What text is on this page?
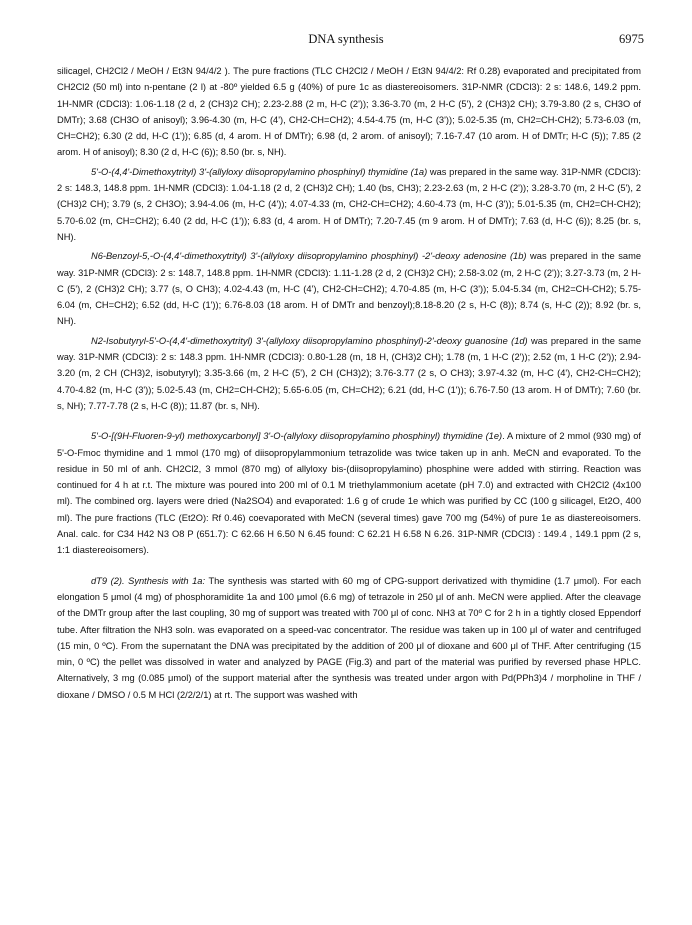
DNA synthesis	6975

silicagel, CH2Cl2 / MeOH / Et3N 94/4/2 ). The pure fractions (TLC CH2Cl2 / MeOH / Et3N 94/4/2: Rf 0.28) evaporated and precipitated from CH2Cl2 (50 ml) into n-pentane (2 l) at -80º yielded 6.5 g (40%) of pure 1c as diastereoisomers. 31P-NMR (CDCl3): 2 s: 148.6, 149.2 ppm. 1H-NMR (CDCl3): 1.06-1.18 (2 d, 2 (CH3)2 CH); 2.23-2.88 (2 m, H-C (2')); 3.36-3.70 (m, 2 H-C (5'), 2 (CH3)2 CH); 3.79-3.80 (2 s, CH3O of DMTr); 3.68 (CH3O of anisoyl); 3.96-4.30 (m, H-C (4'), CH2-CH=CH2); 4.54-4.75 (m, H-C (3')); 5.02-5.35 (m, CH2=CH-CH2); 5.73-6.03 (m, CH=CH2); 6.30 (2 dd, H-C (1')); 6.85 (d, 4 arom. H of DMTr); 6.98 (d, 2 arom. of anisoyl); 7.16-7.47 (10 arom. H of DMTr; H-C (5)); 7.85 (2 arom. H of anisoyl); 8.30 (2 d, H-C (6)); 8.50 (br. s, NH).

5'-O-(4,4'-Dimethoxytrityl) 3'-(allyloxy diisopropylamino phosphinyl) thymidine (1a) was prepared in the same way. 31P-NMR (CDCl3): 2 s: 148.3, 148.8 ppm. 1H-NMR (CDCl3): 1.04-1.18 (2 d, 2 (CH3)2 CH); 1.40 (bs, CH3); 2.23-2.63 (m, 2 H-C (2')); 3.28-3.70 (m, 2 H-C (5'), 2 (CH3)2 CH); 3.79 (s, 2 CH3O); 3.94-4.06 (m, H-C (4')); 4.07-4.33 (m, CH2-CH=CH2); 4.60-4.73 (m, H-C (3')); 5.01-5.35 (m, CH2=CH-CH2); 5.70-6.02 (m, CH=CH2); 6.40 (2 dd, H-C (1')); 6.83 (d, 4 arom. H of DMTr); 7.20-7.45 (m 9 arom. H of DMTr); 7.63 (d, H-C (6)); 8.25 (br. s, NH).

N6-Benzoyl-5,-O-(4,4'-dimethoxytrityl) 3'-(allyloxy diisopropylamino phosphinyl) -2'-deoxy adenosine (1b) was prepared in the same way. 31P-NMR (CDCl3): 2 s: 148.7, 148.8 ppm. 1H-NMR (CDCl3): 1.11-1.28 (2 d, 2 (CH3)2 CH); 2.58-3.02 (m, 2 H-C (2')); 3.27-3.73 (m, 2 H-C (5'), 2 (CH3)2 CH); 3.77 (s, O CH3); 4.02-4.43 (m, H-C (4'), CH2-CH=CH2); 4.70-4.85 (m, H-C (3')); 5.04-5.34 (m, CH2=CH-CH2); 5.75-6.04 (m, CH=CH2); 6.52 (dd, H-C (1')); 6.76-8.03 (18 arom. H of DMTr and benzoyl);8.18-8.20 (2 s, H-C (8)); 8.74 (s, H-C (2)); 8.92 (br. s, NH).

N2-Isobutyryl-5'-O-(4,4'-dimethoxytrityl) 3'-(allyloxy diisopropylamino phosphinyl)-2'-deoxy guanosine (1d) was prepared in the same way. 31P-NMR (CDCl3): 2 s: 148.3 ppm. 1H-NMR (CDCl3): 0.80-1.28 (m, 18 H, (CH3)2 CH); 1.78 (m, 1 H-C (2')); 2.52 (m, 1 H-C (2')); 2.94-3.20 (m, 2 CH (CH3)2, isobutyryl); 3.35-3.66 (m, 2 H-C (5'), 2 CH (CH3)2); 3.76-3.77 (2 s, O CH3); 3.97-4.32 (m, H-C (4'), CH2-CH=CH2); 4.70-4.82 (m, H-C (3')); 5.02-5.43 (m, CH2=CH-CH2); 5.65-6.05 (m, CH=CH2); 6.21 (dd, H-C (1')); 6.76-7.50 (13 arom. H of DMTr); 7.60 (br. s, NH); 7.77-7.78 (2 s, H-C (8)); 11.87 (br. s, NH).

5'-O-[(9H-Fluoren-9-yl) methoxycarbonyl] 3'-O-(allyloxy diisopropylamino phosphinyl) thymidine (1e). A mixture of 2 mmol (930 mg) of 5'-O-Fmoc thymidine and 1 mmol (170 mg) of diisopropylammonium tetrazolide was twice taken up in anh. MeCN and evaporated. To the residue in 50 ml of anh. CH2Cl2, 3 mmol (870 mg) of allyloxy bis-(diisopropylamino) phosphine were added with stirring. Reaction was continued for 4 h at r.t. The mixture was poured into 200 ml of 0.1 M triethylammonium acetate (pH 7.0) and extracted with CH2Cl2 (4x100 ml). The combined org. layers were dried (Na2SO4) and evaporated: 1.6 g of crude 1e which was purified by CC (100 g silicagel, Et2O, 400 ml). The pure fractions (TLC (Et2O): Rf 0.46) coevaporated with MeCN (several times) gave 700 mg (54%) of pure 1e as diastereoisomers. Anal. calc. for C34 H42 N3 O8 P (651.7): C 62.66 H 6.50 N 6.45 found: C 62.21 H 6.58 N 6.26. 31P-NMR (CDCl3) : 149.4 , 149.1 ppm (2 s, 1:1 diastereoisomers).

dT9 (2). Synthesis with 1a: The synthesis was started with 60 mg of CPG-support derivatized with thymidine (1.7 μmol). For each elongation 5 μmol (4 mg) of phosphoramidite 1a and 100 μmol (6.6 mg) of tetrazole in 250 μl of anh. MeCN were applied. After the cleavage of the DMTr group after the last coupling, 30 mg of support was treated with 700 μl of conc. NH3 at 70º C for 2 h in a tightly closed Eppendorf tube. After filtration the NH3 soln. was evaporated on a speed-vac concentrator. The residue was taken up in 100 μl of water and centrifuged (15 min, 0 ºC). From the supernatant the DNA was precipitated by the addition of 200 μl of dioxane and 600 μl of THF. After centrifuging (15 min, 0 ºC) the pellet was dissolved in water and analyzed by PAGE (Fig.3) and part of the material was purified by reversed phase HPLC. Alternatively, 3 mg (0.085 μmol) of the support material after the synthesis was treated under argon with Pd(PPh3)4 / morpholine in THF / dioxane / DMSO / 0.5 M HCl (2/2/2/1) at rt. The support was washed with
